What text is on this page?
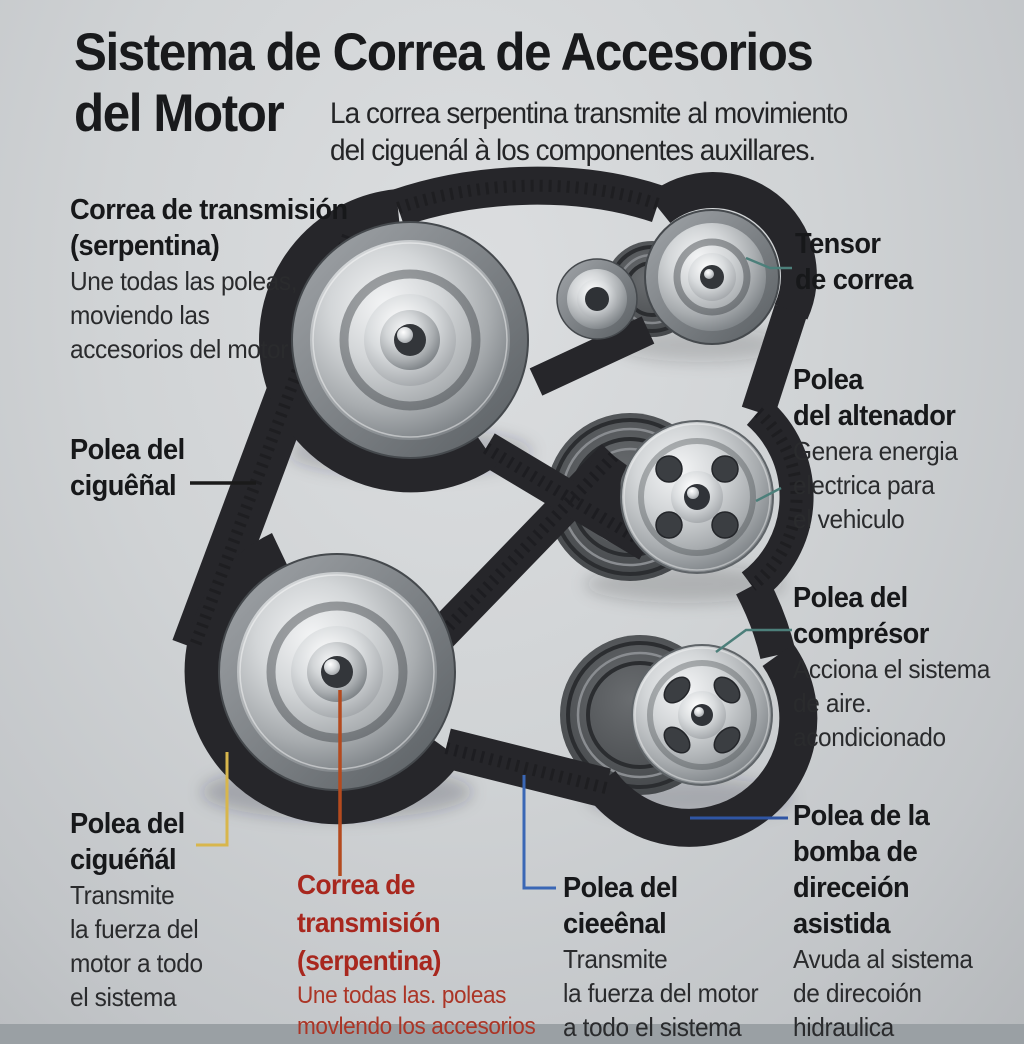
Sistema de Correa de Accesorios
del Motor	La correa serpentina transmite al movimiento
del ciguenál à los componentes auxillares.
Correa de transmisión
(serpentina)
Une todas las poleas,
moviendo las
accesorios del motor
Tensor
de correa
Polea
del altenador
Genera energia
electrica para
el vehiculo
Polea del
comprésor
Acciona el sistema
de aire.
acondicionado
Polea de la
bomba de
direceión
asistida
Avuda al sistema
de direcoión
hidraulica
Polea del
ciguêñal
Polea del
ciguéñál
Transmite
la fuerza del
motor a todo
el sistema
Correa de
transmisión
(serpentina)
Une todas las. poleas
movlendo los accesorios
Polea del
cieeênal
Transmite
la fuerza del motor
a todo el sistema
